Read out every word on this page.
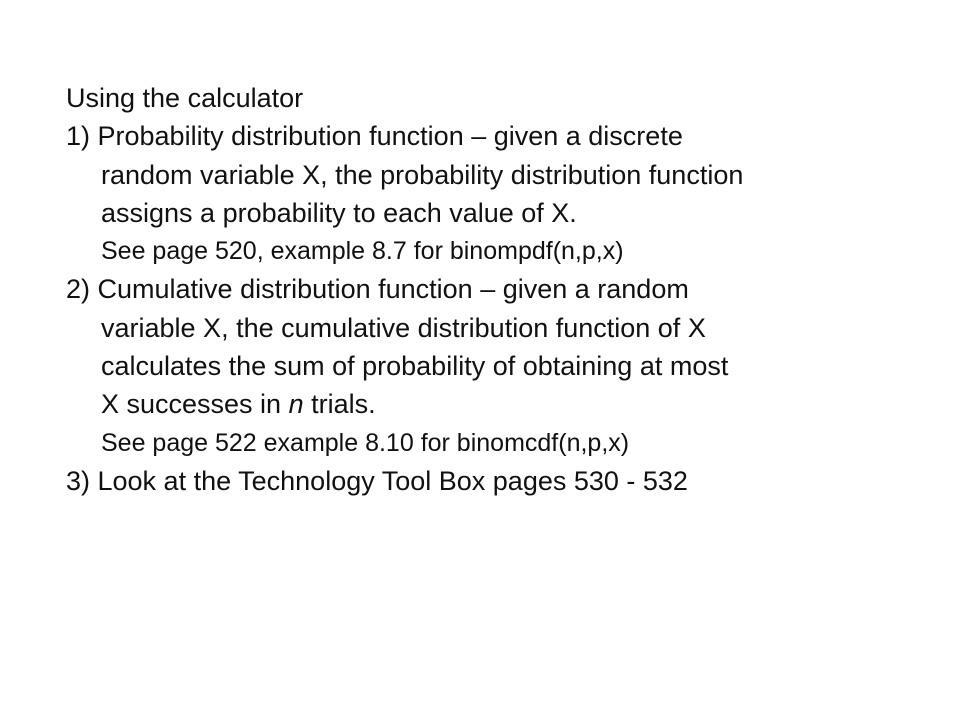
Using the calculator
1) Probability distribution function – given a discrete
random variable X, the probability distribution function
assigns a probability to each value of X.
See page 520, example 8.7 for binompdf(n,p,x)
2) Cumulative distribution function – given a random
variable X, the cumulative distribution function of X
calculates the sum of probability of obtaining at most
X successes in n trials.
See page 522 example 8.10 for binomcdf(n,p,x)
3) Look at the Technology Tool Box pages 530 - 532
